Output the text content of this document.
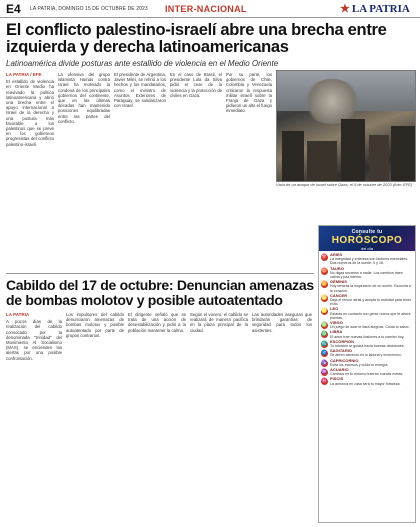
E4 LA PATRIA, DOMINGO 15 DE OCTUBRE DE 2023 INTER-NACIONAL	★ LA PATRIA
El conflicto palestino-israelí abre una brecha entre izquierda y derecha latinoamericanas
Latinoamérica divide posturas ante estallido de violencia en el Medio Oriente
LA PATRIA / EFE
El estallido de violencia en Oriente Medio ha reavivado la política latinoamericana y abrió una brecha entre el apoyo internacional a Israel de la derecha y una postura más favorable a los palestinos que se prevé en los gobiernos progresistas del conflicto palestino-israelí.
La ofensiva del grupo islamista Hamás contra Israel ha motivado la condena de los principales gobiernos del continente, que en las últimas décadas han mantenido posiciones equilibradas entre las partes del conflicto.
El presidente de Argentina, Javier Milei, se refirió a los hechos y los mandatarios, como el ministro de Asuntos Exteriores de Paraguay, se solidarizaron con Israel.
En el caso de Brasil, el presidente Lula da Silva pidió el cese de la violencia y la protección de civiles en Gaza.
Por su parte, los gobiernos de Chile, Colombia y Venezuela criticaron la respuesta militar israelí sobre la Franja de Gaza y pidieron un alto el fuego inmediato.
Vista de un ataque de Israel sobre Gaza, el 9 de octubre de 2023 (foto: EFE)
Cabildo del 17 de octubre: Denuncian amenazas de bombas molotov y posible autoatentado
LA PATRIA
A pocos días de la realización del cabildo convocado por la denominada "trinidad" del Movimiento Al Socialismo (MAS), se encienden las alertas por una posible confrontación.
Los impulsores del cabildo denunciaron amenazas de bombas molotov y posible autoatentado por parte de grupos contrarios.
El dirigente señaló que se trata de una acción de desestabilización y pidió a la población mantener la calma.
Según el vocero, el cabildo se realizará de manera pacífica en la plaza principal de la ciudad.
Las autoridades aseguran que brindarán garantías de seguridad para todos los asistentes.
Consulte tu
HORÓSCOPO
del día
♈ ARIES
La integridad y entereza son factores esenciales. Dos números de la suerte: 5 y 18.
♉ TAURO
No digas secretos a nadie. Los cambios traen calma y paz interior.
♊ GÉMINIS
Hoy tendrás la inspiración de un sueño. Escucha a tu corazón.
♋ CÁNCER
Deja el rencor atrás y acepta tu realidad para tener éxito.
♌ LEO
Estarás en contacto con gente nueva que te abrirá puertas.
♍ VIRGO
Un juego de azar te dará alegrías. Cuida tu salud.
♎ LIBRA
El amor trae nuevas ilusiones a tu camino hoy.
♏ ESCORPIÓN
Tu intuición te guiará hacia buenas decisiones.
♐ SAGITARIO
Se abren caminos en lo laboral y económico.
♑ CAPRICORNIO
Evita los excesos y cuida tu energía.
♒ ACUARIO
Cambios en tu entorno traerán nuevas metas.
♓ PISCIS
La armonía en casa será tu mayor fortaleza.
